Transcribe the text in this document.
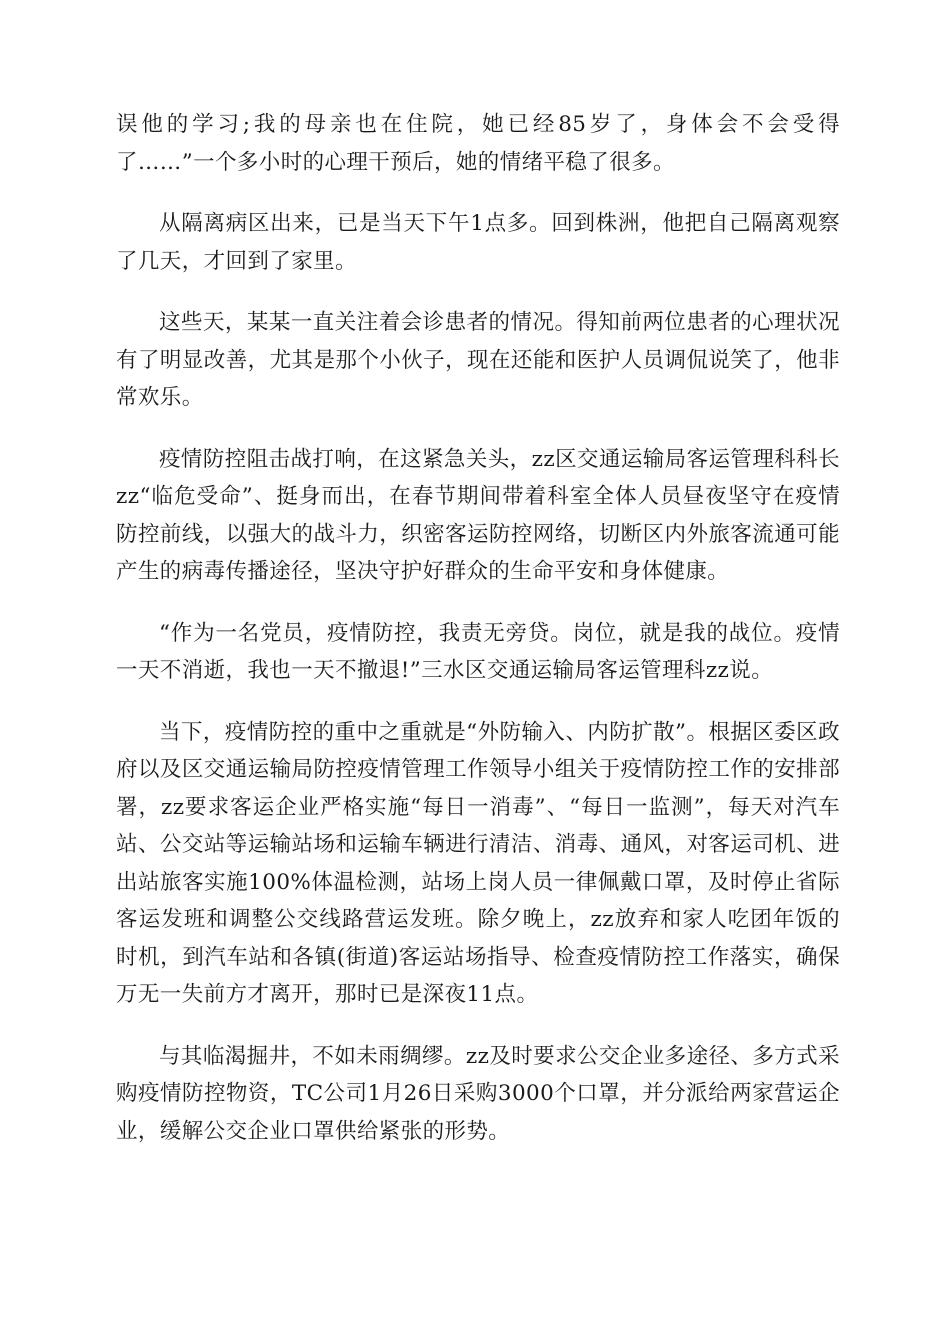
误他的学习;我的母亲也在住院，她已经85岁了，身体会不会受得了……”一个多小时的心理干预后，她的情绪平稳了很多。

从隔离病区出来，已是当天下午1点多。回到株洲，他把自己隔离观察了几天，才回到了家里。

这些天，某某一直关注着会诊患者的情况。得知前两位患者的心理状况有了明显改善，尤其是那个小伙子，现在还能和医护人员调侃说笑了，他非常欢乐。

疫情防控阻击战打响，在这紧急关头，zz区交通运输局客运管理科科长zz“临危受命”、挺身而出，在春节期间带着科室全体人员昼夜坚守在疫情防控前线，以强大的战斗力，织密客运防控网络，切断区内外旅客流通可能产生的病毒传播途径，坚决守护好群众的生命平安和身体健康。

“作为一名党员，疫情防控，我责无旁贷。岗位，就是我的战位。疫情一天不消逝，我也一天不撤退!”三水区交通运输局客运管理科zz说。

当下，疫情防控的重中之重就是“外防输入、内防扩散”。根据区委区政府以及区交通运输局防控疫情管理工作领导小组关于疫情防控工作的安排部署，zz要求客运企业严格实施“每日一消毒”、“每日一监测”，每天对汽车站、公交站等运输站场和运输车辆进行清洁、消毒、通风，对客运司机、进出站旅客实施100%体温检测，站场上岗人员一律佩戴口罩，及时停止省际客运发班和调整公交线路营运发班。除夕晚上，zz放弃和家人吃团年饭的时机，到汽车站和各镇(街道)客运站场指导、检查疫情防控工作落实，确保万无一失前方才离开，那时已是深夜11点。

与其临渴掘井，不如未雨绸缪。zz及时要求公交企业多途径、多方式采购疫情防控物资，TC公司1月26日采购3000个口罩，并分派给两家营运企业，缓解公交企业口罩供给紧张的形势。
